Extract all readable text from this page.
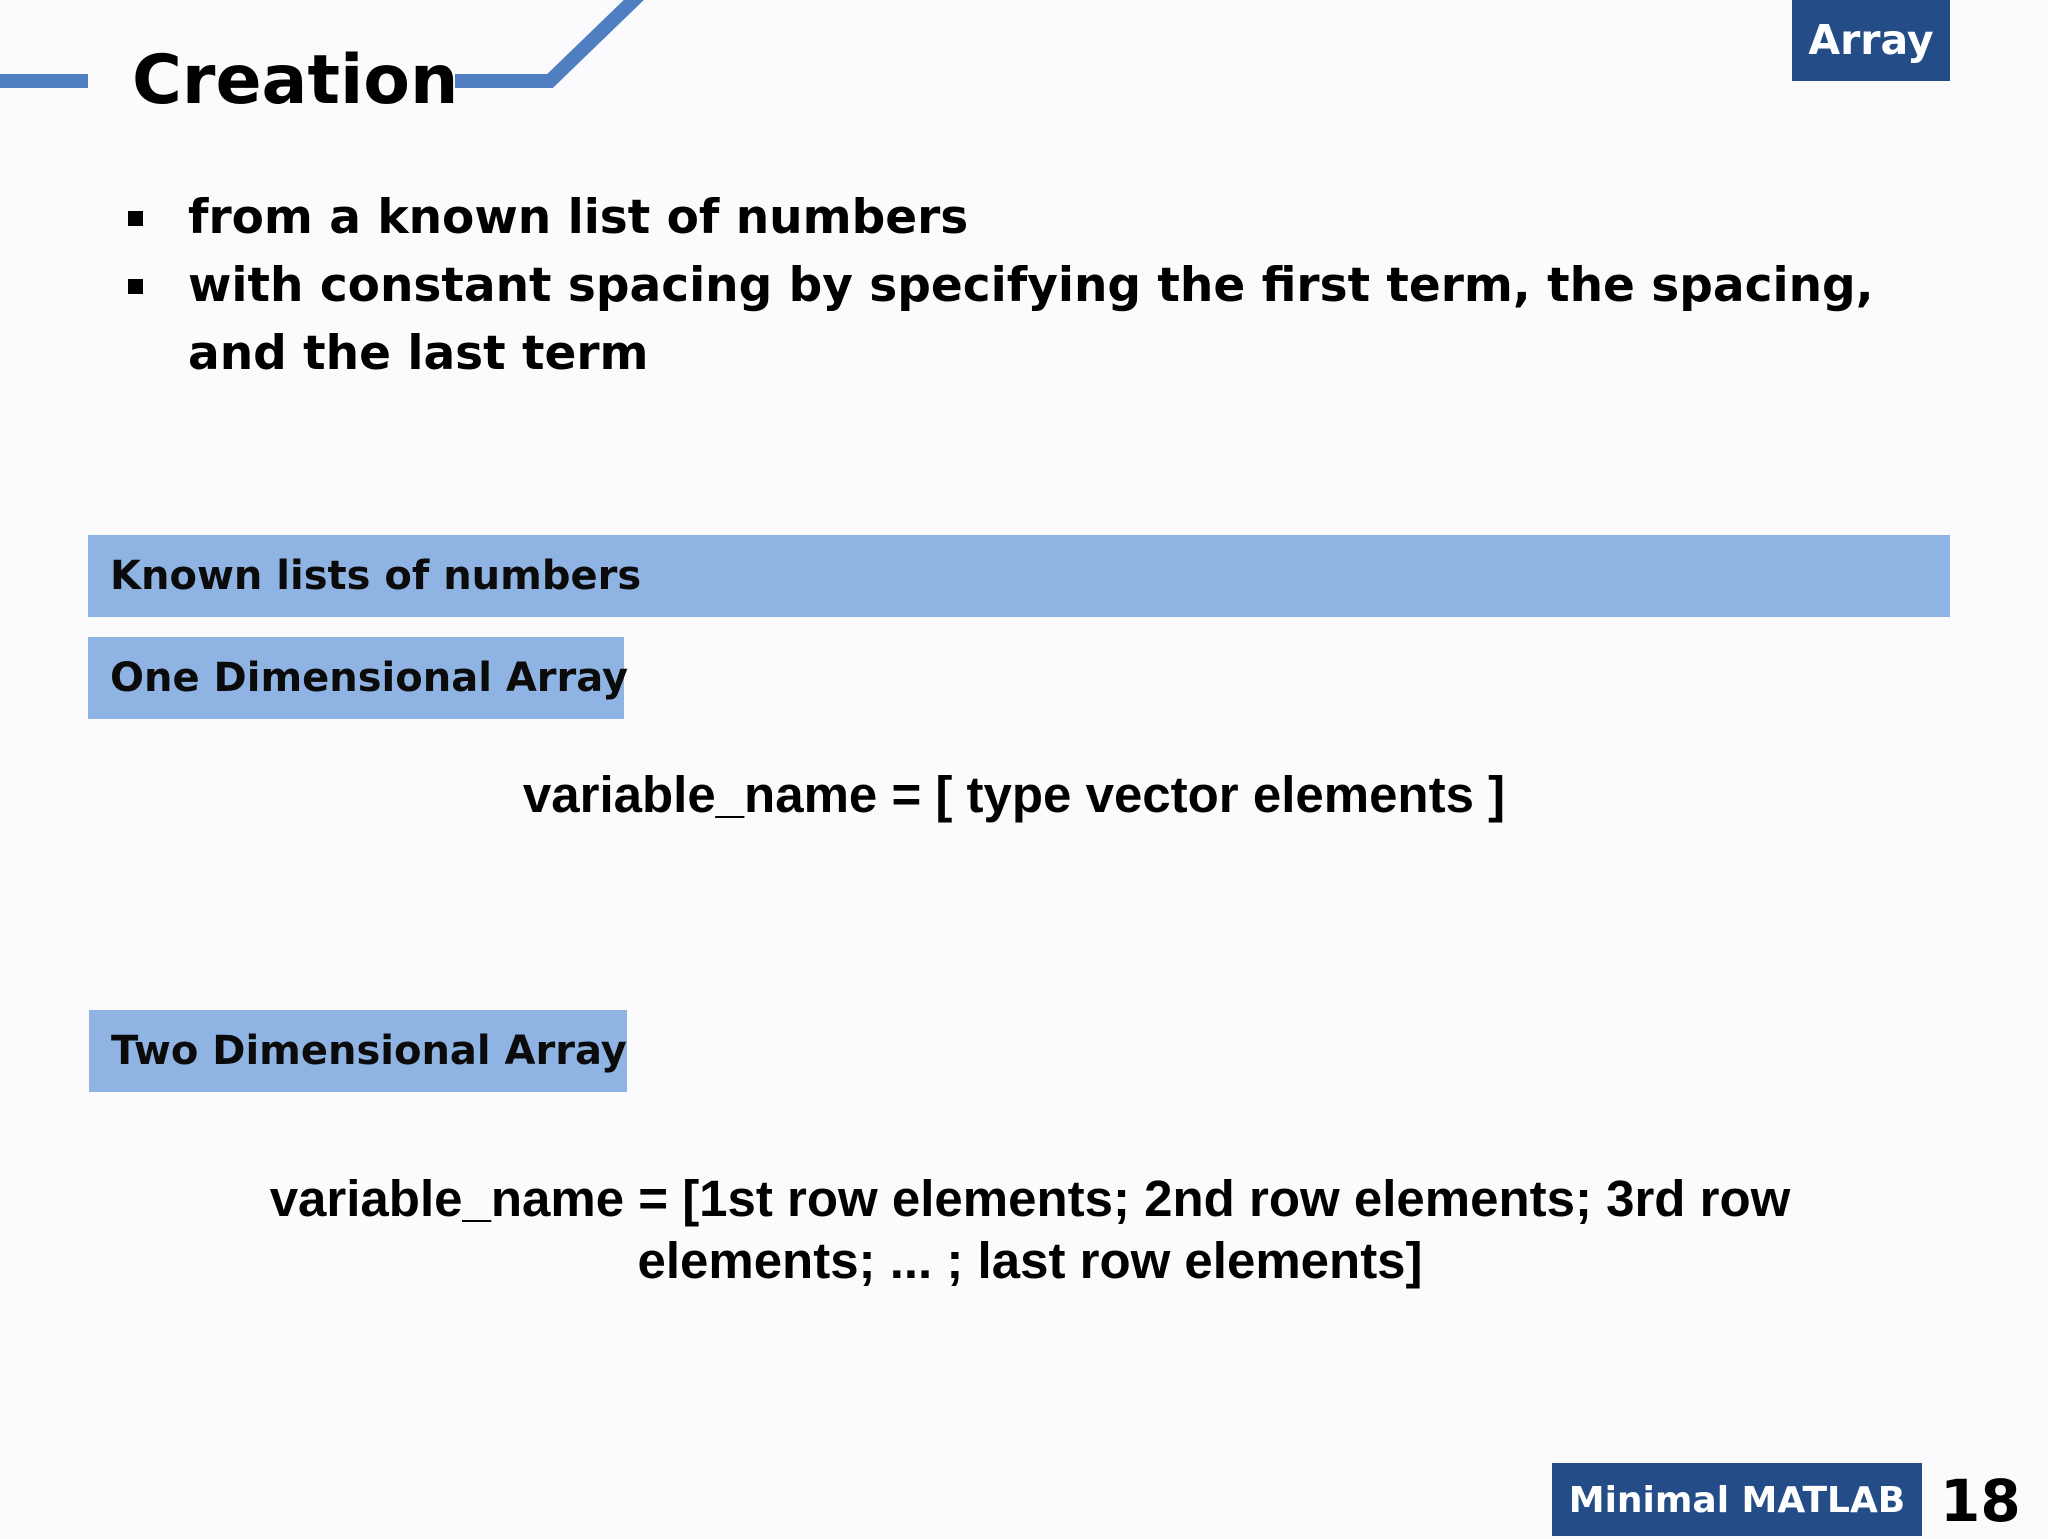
Creation
Array
from a known list of numbers
with constant spacing by specifying the first term, the spacing, and the last term
Known lists of numbers
One Dimensional Array
variable_name = [ type vector elements ]
Two Dimensional Array
variable_name = [1st row elements; 2nd row elements; 3rd row elements; ... ; last row elements]
Minimal MATLAB 18
